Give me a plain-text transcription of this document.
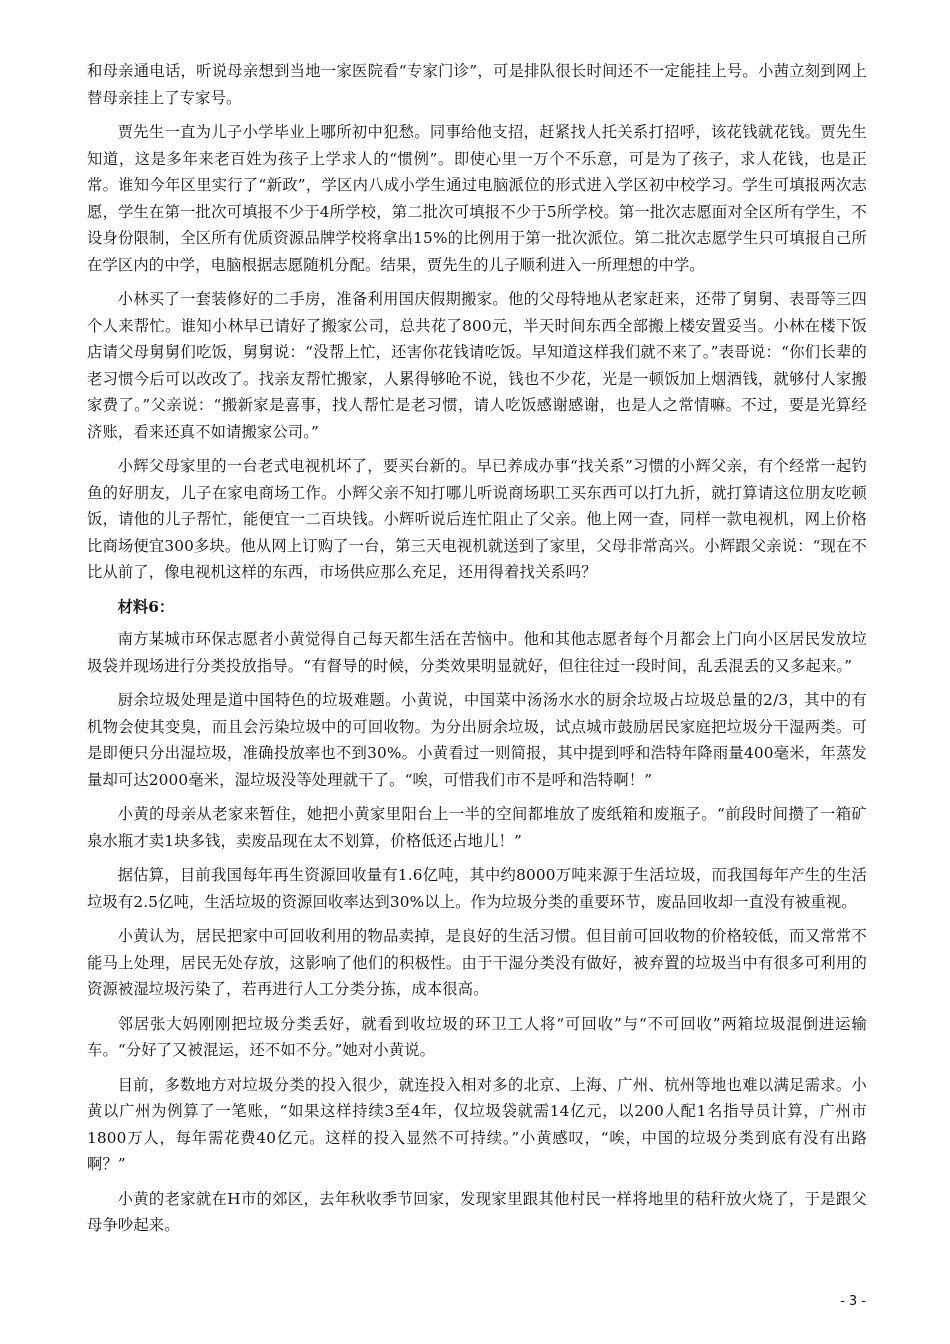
和母亲通电话，听说母亲想到当地一家医院看“专家门诊”，可是排队很长时间还不一定能挂上号。小茜立刻到网上替母亲挂上了专家号。

贾先生一直为儿子小学毕业上哪所初中犯愁。同事给他支招，赶紧找人托关系打招呼，该花钱就花钱。贾先生知道，这是多年来老百姓为孩子上学求人的“惯例”。即使心里一万个不乐意，可是为了孩子，求人花钱，也是正常。谁知今年区里实行了“新政”，学区内八成小学生通过电脑派位的形式进入学区初中校学习。学生可填报两次志愿，学生在第一批次可填报不少于4所学校，第二批次可填报不少于5所学校。第一批次志愿面对全区所有学生，不设身份限制，全区所有优质资源品牌学校将拿出15%的比例用于第一批次派位。第二批次志愿学生只可填报自己所在学区内的中学，电脑根据志愿随机分配。结果，贾先生的儿子顺利进入一所理想的中学。

小林买了一套装修好的二手房，准备利用国庆假期搬家。他的父母特地从老家赶来，还带了舅舅、表哥等三四个人来帮忙。谁知小林早已请好了搬家公司，总共花了800元，半天时间东西全部搬上楼安置妥当。小林在楼下饭店请父母舅舅们吃饭，舅舅说：“没帮上忙，还害你花钱请吃饭。早知道这样我们就不来了。”表哥说：“你们长辈的老习惯今后可以改改了。找亲友帮忙搬家，人累得够呛不说，钱也不少花，光是一顿饭加上烟酒钱，就够付人家搬家费了。”父亲说：“搬新家是喜事，找人帮忙是老习惯，请人吃饭感谢感谢，也是人之常情嘛。不过，要是光算经济账，看来还真不如请搬家公司。”

小辉父母家里的一台老式电视机坏了，要买台新的。早已养成办事“找关系”习惯的小辉父亲，有个经常一起钓鱼的好朋友，儿子在家电商场工作。小辉父亲不知打哪儿听说商场职工买东西可以打九折，就打算请这位朋友吃顿饭，请他的儿子帮忙，能便宜一二百块钱。小辉听说后连忙阻止了父亲。他上网一查，同样一款电视机，网上价格比商场便宜300多块。他从网上订购了一台，第三天电视机就送到了家里，父母非常高兴。小辉跟父亲说：“现在不比从前了，像电视机这样的东西，市场供应那么充足，还用得着找关系吗？

材料6：

南方某城市环保志愿者小黄觉得自己每天都生活在苦恼中。他和其他志愿者每个月都会上门向小区居民发放垃圾袋并现场进行分类投放指导。“有督导的时候，分类效果明显就好，但往往过一段时间，乱丢混丢的又多起来。”

厨余垃圾处理是道中国特色的垃圾难题。小黄说，中国菜中汤汤水水的厨余垃圾占垃圾总量的2/3，其中的有机物会使其变臭，而且会污染垃圾中的可回收物。为分出厨余垃圾，试点城市鼓励居民家庭把垃圾分干湿两类。可是即便只分出湿垃圾，准确投放率也不到30%。小黄看过一则简报，其中提到呼和浩特年降雨量400毫米，年蒸发量却可达2000毫米，湿垃圾没等处理就干了。“唉，可惜我们市不是呼和浩特啊！”

小黄的母亲从老家来暂住，她把小黄家里阳台上一半的空间都堆放了废纸箱和废瓶子。“前段时间攒了一箱矿泉水瓶才卖1块多钱，卖废品现在太不划算，价格低还占地儿！”

据估算，目前我国每年再生资源回收量有1.6亿吨，其中约8000万吨来源于生活垃圾，而我国每年产生的生活垃圾有2.5亿吨，生活垃圾的资源回收率达到30%以上。作为垃圾分类的重要环节，废品回收却一直没有被重视。

小黄认为，居民把家中可回收利用的物品卖掉，是良好的生活习惯。但目前可回收物的价格较低，而又常常不能马上处理，居民无处存放，这影响了他们的积极性。由于干湿分类没有做好，被弃置的垃圾当中有很多可利用的资源被湿垃圾污染了，若再进行人工分类分拣，成本很高。

邻居张大妈刚刚把垃圾分类丢好，就看到收垃圾的环卫工人将“可回收”与“不可回收”两箱垃圾混倒进运输车。“分好了又被混运，还不如不分。”她对小黄说。

目前，多数地方对垃圾分类的投入很少，就连投入相对多的北京、上海、广州、杭州等地也难以满足需求。小黄以广州为例算了一笔账，“如果这样持续3至4年，仅垃圾袋就需14亿元，以200人配1名指导员计算，广州市1800万人，每年需花费40亿元。这样的投入显然不可持续。”小黄感叹，“唉，中国的垃圾分类到底有没有出路啊？”

小黄的老家就在H市的郊区，去年秋收季节回家，发现家里跟其他村民一样将地里的秸秆放火烧了，于是跟父母争吵起来。

- 3 -
